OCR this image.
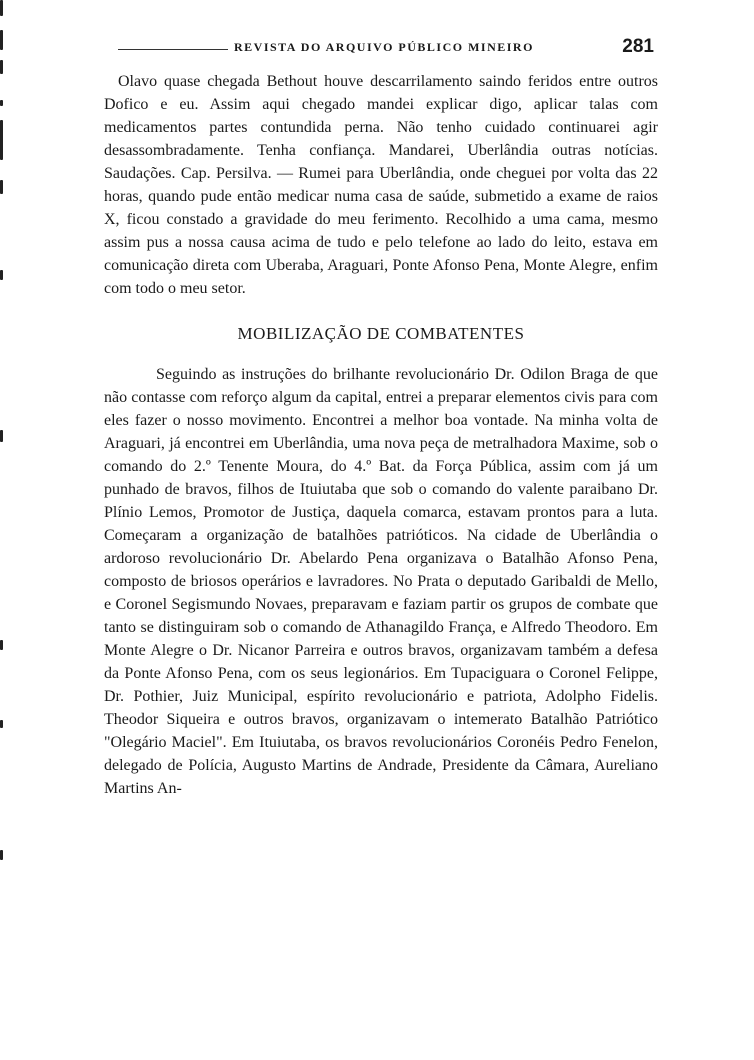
REVISTA DO ARQUIVO PÚBLICO MINEIRO	281

Olavo quase chegada Bethout houve descarrilamento saindo feridos entre outros Dofico e eu. Assim aqui chegado mandei explicar digo, aplicar talas com medicamentos partes contundida perna. Não tenho cuidado continuarei agir desassombradamente. Tenha confiança. Mandarei, Uberlândia outras notícias. Saudações. Cap. Persilva. — Rumei para Uberlândia, onde cheguei por volta das 22 horas, quando pude então medicar numa casa de saúde, submetido a exame de raios X, ficou constado a gravidade do meu ferimento. Recolhido a uma cama, mesmo assim pus a nossa causa acima de tudo e pelo telefone ao lado do leito, estava em comunicação direta com Uberaba, Araguari, Ponte Afonso Pena, Monte Alegre, enfim com todo o meu setor.

MOBILIZAÇÃO DE COMBATENTES

Seguindo as instruções do brilhante revolucionário Dr. Odilon Braga de que não contasse com reforço algum da capital, entrei a preparar elementos civis para com eles fazer o nosso movimento. Encontrei a melhor boa vontade. Na minha volta de Araguari, já encontrei em Uberlândia, uma nova peça de metralhadora Maxime, sob o comando do 2.º Tenente Moura, do 4.º Bat. da Força Pública, assim com já um punhado de bravos, filhos de Ituiutaba que sob o comando do valente paraibano Dr. Plínio Lemos, Promotor de Justiça, daquela comarca, estavam prontos para a luta. Começaram a organização de batalhões patrióticos. Na cidade de Uberlândia o ardoroso revolucionário Dr. Abelardo Pena organizava o Batalhão Afonso Pena, composto de briosos operários e lavradores. No Prata o deputado Garibaldi de Mello, e Coronel Segismundo Novaes, preparavam e faziam partir os grupos de combate que tanto se distinguiram sob o comando de Athanagildo França, e Alfredo Theodoro. Em Monte Alegre o Dr. Nicanor Parreira e outros bravos, organizavam também a defesa da Ponte Afonso Pena, com os seus legionários. Em Tupaciguara o Coronel Felippe, Dr. Pothier, Juiz Municipal, espírito revolucionário e patriota, Adolpho Fidelis. Theodor Siqueira e outros bravos, organizavam o intemerato Batalhão Patriótico "Olegário Maciel". Em Ituiutaba, os bravos revolucionários Coronéis Pedro Fenelon, delegado de Polícia, Augusto Martins de Andrade, Presidente da Câmara, Aureliano Martins An-
